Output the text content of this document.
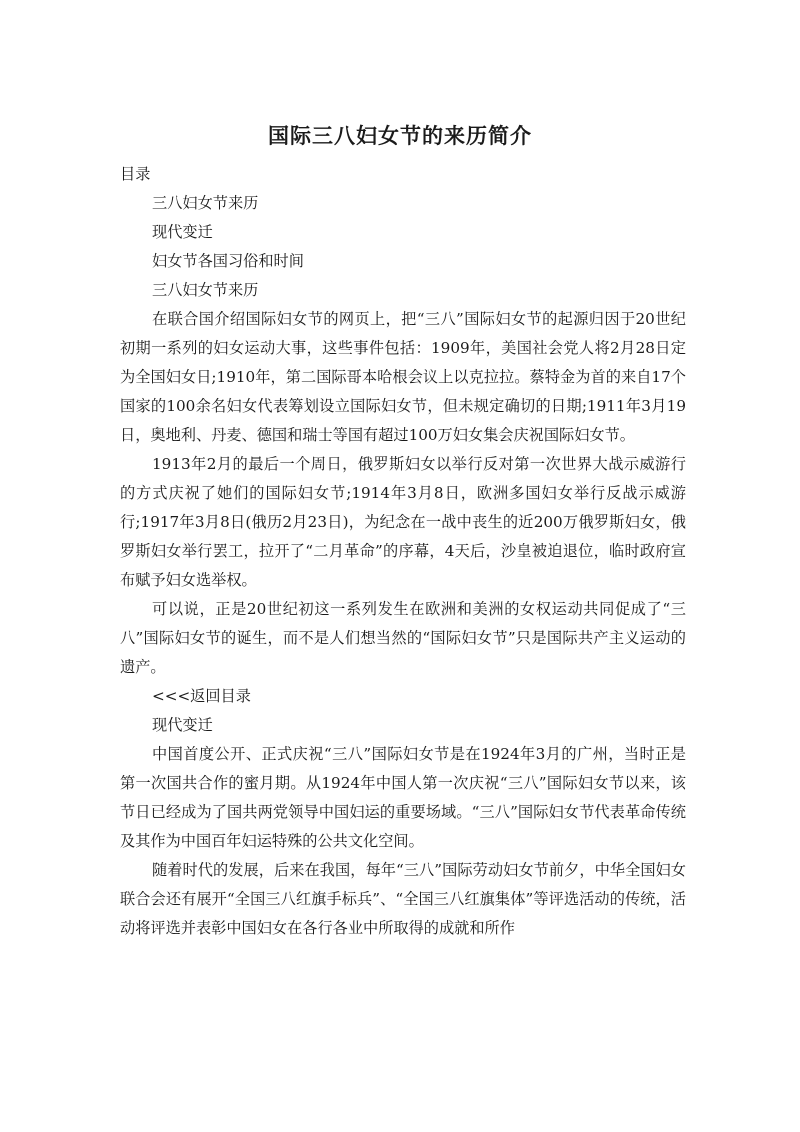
国际三八妇女节的来历简介

目录

三八妇女节来历

现代变迁

妇女节各国习俗和时间

三八妇女节来历

在联合国介绍国际妇女节的网页上，把“三八”国际妇女节的起源归因于20世纪初期一系列的妇女运动大事，这些事件包括：1909年，美国社会党人将2月28日定为全国妇女日;1910年，第二国际哥本哈根会议上以克拉拉。蔡特金为首的来自17个国家的100余名妇女代表筹划设立国际妇女节，但未规定确切的日期;1911年3月19日，奥地利、丹麦、德国和瑞士等国有超过100万妇女集会庆祝国际妇女节。

1913年2月的最后一个周日，俄罗斯妇女以举行反对第一次世界大战示威游行的方式庆祝了她们的国际妇女节;1914年3月8日，欧洲多国妇女举行反战示威游行;1917年3月8日(俄历2月23日)，为纪念在一战中丧生的近200万俄罗斯妇女，俄罗斯妇女举行罢工，拉开了“二月革命”的序幕，4天后，沙皇被迫退位，临时政府宣布赋予妇女选举权。

可以说，正是20世纪初这一系列发生在欧洲和美洲的女权运动共同促成了“三八”国际妇女节的诞生，而不是人们想当然的“国际妇女节”只是国际共产主义运动的遗产。

<<<返回目录

现代变迁

中国首度公开、正式庆祝“三八”国际妇女节是在1924年3月的广州，当时正是第一次国共合作的蜜月期。从1924年中国人第一次庆祝“三八”国际妇女节以来，该节日已经成为了国共两党领导中国妇运的重要场域。“三八”国际妇女节代表革命传统及其作为中国百年妇运特殊的公共文化空间。

随着时代的发展，后来在我国，每年“三八”国际劳动妇女节前夕，中华全国妇女联合会还有展开“全国三八红旗手标兵”、“全国三八红旗集体”等评选活动的传统，活动将评选并表彰中国妇女在各行各业中所取得的成就和所作
